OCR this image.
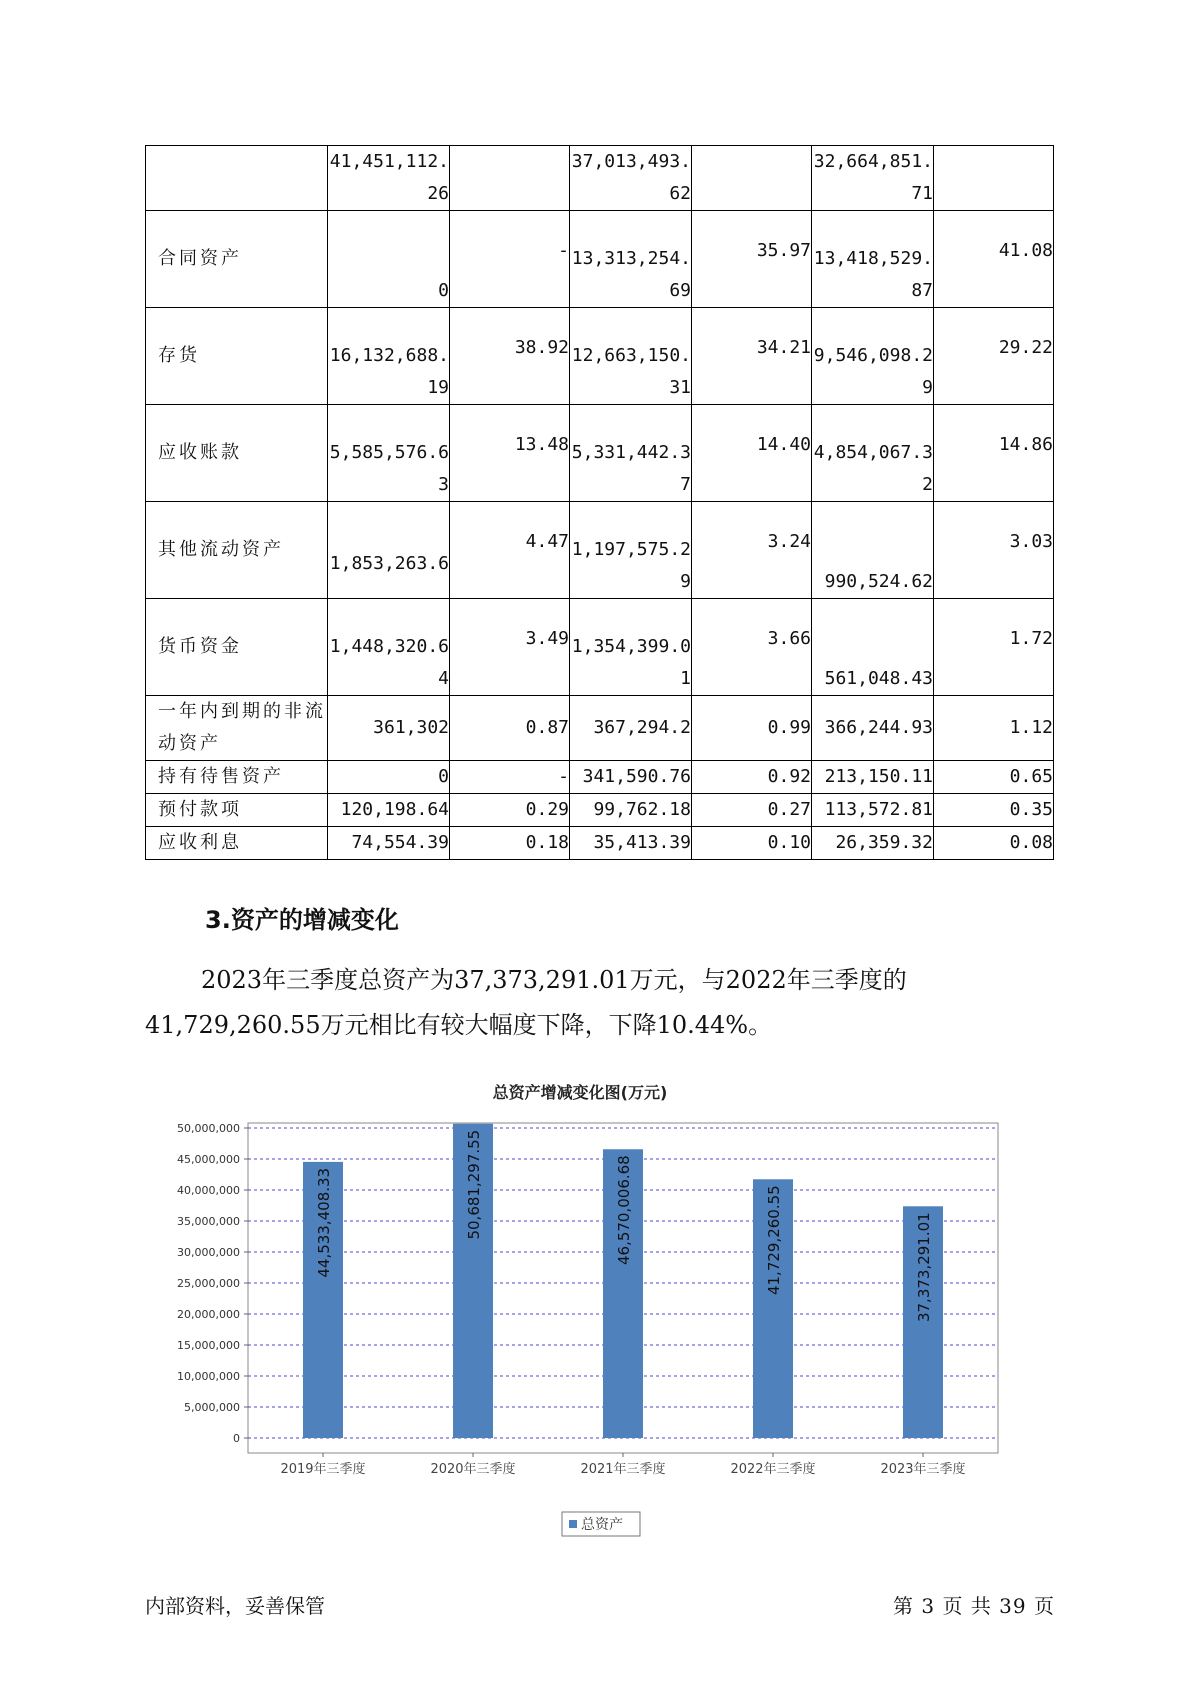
	41,451,112.26		37,013,493.62		32,664,851.71	
合同资产	0	-	13,313,254.69	35.97	13,418,529.87	41.08
存货	16,132,688.19	38.92	12,663,150.31	34.21	9,546,098.29	29.22
应收账款	5,585,576.63	13.48	5,331,442.37	14.40	4,854,067.32	14.86
其他流动资产	1,853,263.6	4.47	1,197,575.29	3.24	990,524.62	3.03
货币资金	1,448,320.64	3.49	1,354,399.01	3.66	561,048.43	1.72
一年内到期的非流动资产	361,302	0.87	367,294.2	0.99	366,244.93	1.12
持有待售资产	0	-	341,590.76	0.92	213,150.11	0.65
预付款项	120,198.64	0.29	99,762.18	0.27	113,572.81	0.35
应收利息	74,554.39	0.18	35,413.39	0.10	26,359.32	0.08
3.资产的增减变化

2023年三季度总资产为37,373,291.01万元，与2022年三季度的41,729,260.55万元相比有较大幅度下降，下降10.44%。

总资产增减变化图(万元)
0
5,000,000
10,000,000
15,000,000
20,000,000
25,000,000
30,000,000
35,000,000
40,000,000
45,000,000
50,000,000
44,533,408.33	50,681,297.55	46,570,006.68	41,729,260.55	37,373,291.01
2019年三季度	2020年三季度	2021年三季度	2022年三季度	2023年三季度
总资产

内部资料，妥善保管	第 3 页 共 39 页
